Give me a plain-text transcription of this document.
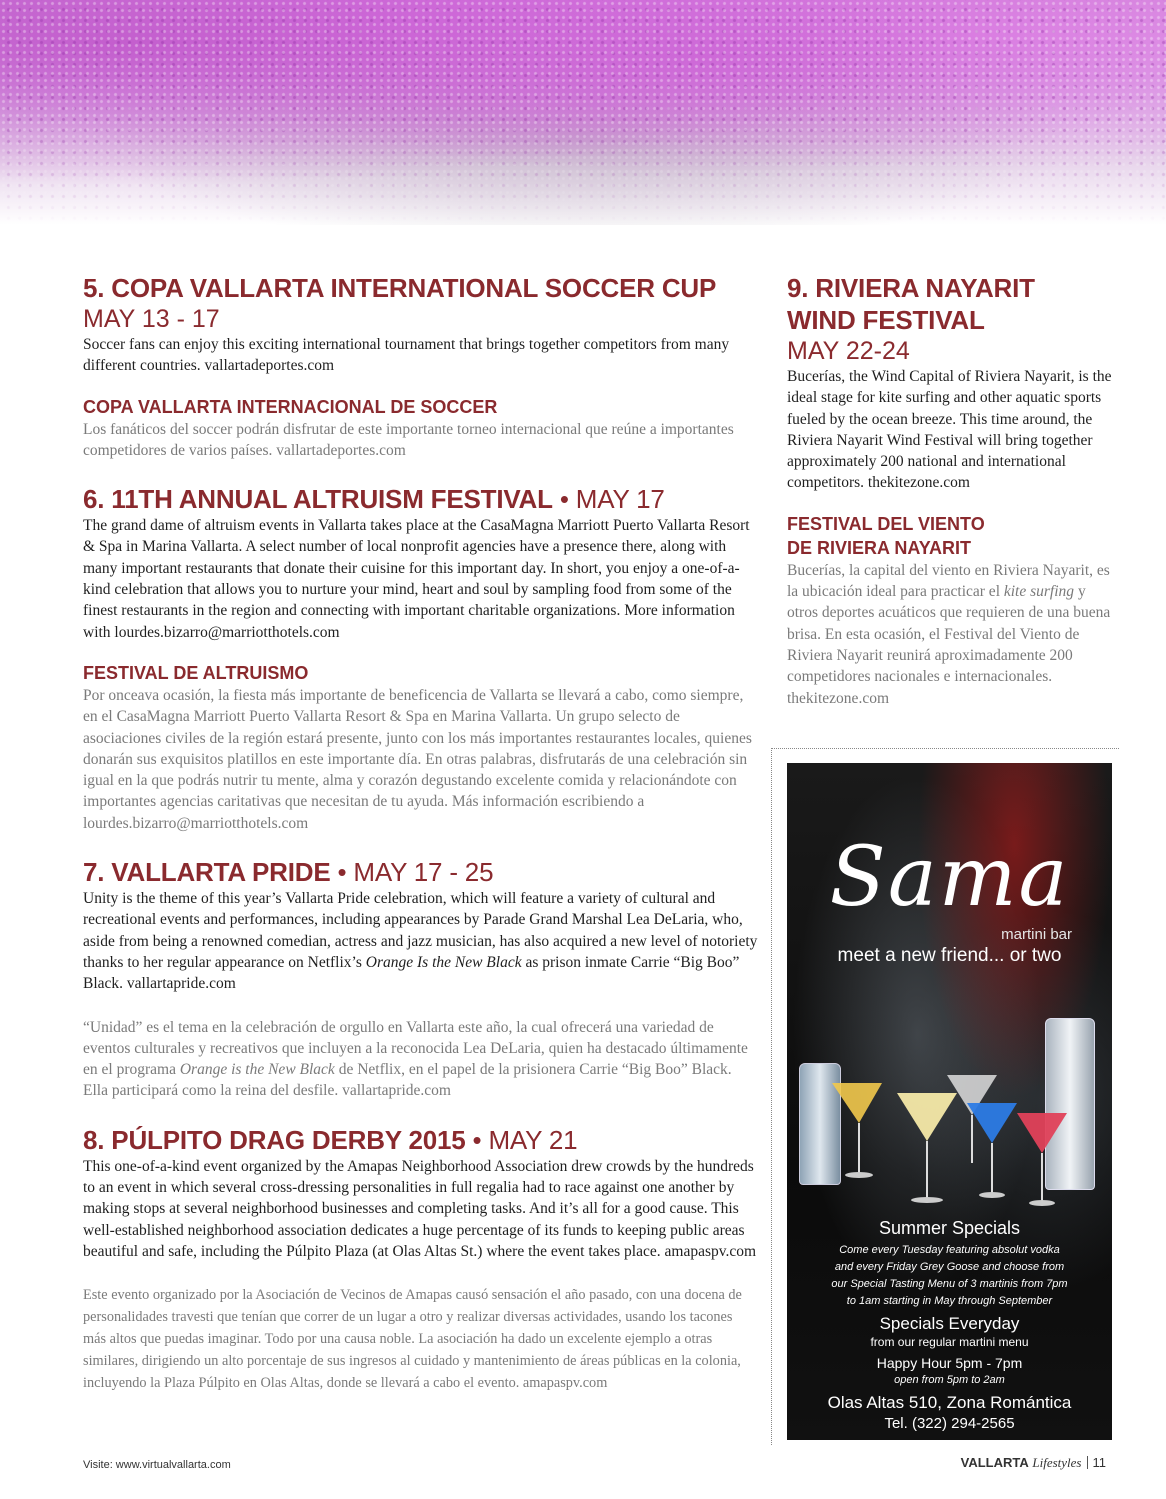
5. COPA VALLARTA INTERNATIONAL SOCCER CUP
MAY 13 - 17

Soccer fans can enjoy this exciting international tournament that brings together competitors from many different countries. vallartadeportes.com

COPA VALLARTA INTERNACIONAL DE SOCCER

Los fanáticos del soccer podrán disfrutar de este importante torneo internacional que reúne a importantes competidores de varios países. vallartadeportes.com

6. 11TH ANNUAL ALTRUISM FESTIVAL • MAY 17

The grand dame of altruism events in Vallarta takes place at the CasaMagna Marriott Puerto Vallarta Resort & Spa in Marina Vallarta. A select number of local nonprofit agencies have a presence there, along with many important restaurants that donate their cuisine for this important day. In short, you enjoy a one-of-a-kind celebration that allows you to nurture your mind, heart and soul by sampling food from some of the finest restaurants in the region and connecting with important charitable organizations. More information with lourdes.bizarro@marriotthotels.com

FESTIVAL DE ALTRUISMO

Por onceava ocasión, la fiesta más importante de beneficencia de Vallarta se llevará a cabo, como siempre, en el CasaMagna Marriott Puerto Vallarta Resort & Spa en Marina Vallarta. Un grupo selecto de asociaciones civiles de la región estará presente, junto con los más importantes restaurantes locales, quienes donarán sus exquisitos platillos en este importante día. En otras palabras, disfrutarás de una celebración sin igual en la que podrás nutrir tu mente, alma y corazón degustando excelente comida y relacionándote con importantes agencias caritativas que necesitan de tu ayuda. Más información escribiendo a lourdes.bizarro@marriotthotels.com

7. VALLARTA PRIDE • MAY 17 - 25

Unity is the theme of this year’s Vallarta Pride celebration, which will feature a variety of cultural and recreational events and performances, including appearances by Parade Grand Marshal Lea DeLaria, who, aside from being a renowned comedian, actress and jazz musician, has also acquired a new level of notoriety thanks to her regular appearance on Netflix’s Orange Is the New Black as prison inmate Carrie “Big Boo” Black. vallartapride.com

“Unidad” es el tema en la celebración de orgullo en Vallarta este año, la cual ofrecerá una variedad de eventos culturales y recreativos que incluyen a la reconocida Lea DeLaria, quien ha destacado últimamente en el programa Orange is the New Black de Netflix, en el papel de la prisionera Carrie “Big Boo” Black. Ella participará como la reina del desfile. vallartapride.com

8. PÚLPITO DRAG DERBY 2015 • MAY 21

This one-of-a-kind event organized by the Amapas Neighborhood Association drew crowds by the hundreds to an event in which several cross-dressing personalities in full regalia had to race against one another by making stops at several neighborhood businesses and completing tasks. And it’s all for a good cause. This well-established neighborhood association dedicates a huge percentage of its funds to keeping public areas beautiful and safe, including the Púlpito Plaza (at Olas Altas St.) where the event takes place. amapaspv.com

Este evento organizado por la Asociación de Vecinos de Amapas causó sensación el año pasado, con una docena de personalidades travesti que tenían que correr de un lugar a otro y realizar diversas actividades, usando los tacones más altos que puedas imaginar. Todo por una causa noble. La asociación ha dado un excelente ejemplo a otras similares, dirigiendo un alto porcentaje de sus ingresos al cuidado y mantenimiento de áreas públicas en la colonia, incluyendo la Plaza Púlpito en Olas Altas, donde se llevará a cabo el evento. amapaspv.com

9. RIVIERA NAYARIT
WIND FESTIVAL
MAY 22-24

Bucerías, the Wind Capital of Riviera Nayarit, is the ideal stage for kite surfing and other aquatic sports fueled by the ocean breeze. This time around, the Riviera Nayarit Wind Festival will bring together approximately 200 national and international competitors. thekitezone.com

FESTIVAL DEL VIENTO
DE RIVIERA NAYARIT

Bucerías, la capital del viento en Riviera Nayarit, es la ubicación ideal para practicar el kite surfing y otros deportes acuáticos que requieren de una buena brisa. En esta ocasión, el Festival del Viento de Riviera Nayarit reunirá aproximadamente 200 competidores nacionales e internacionales. thekitezone.com

Sama
martini bar
meet a new friend... or two
Summer Specials
Come every Tuesday featuring absolut vodka
and every Friday Grey Goose and choose from
our Special Tasting Menu of 3 martinis from 7pm
to 1am starting in May through September
Specials Everyday
from our regular martini menu
Happy Hour 5pm - 7pm
open from 5pm to 2am
Olas Altas 510, Zona Romántica
Tel. (322) 294-2565
Visite: www.virtualvallarta.com	VALLARTA Lifestyles 11
